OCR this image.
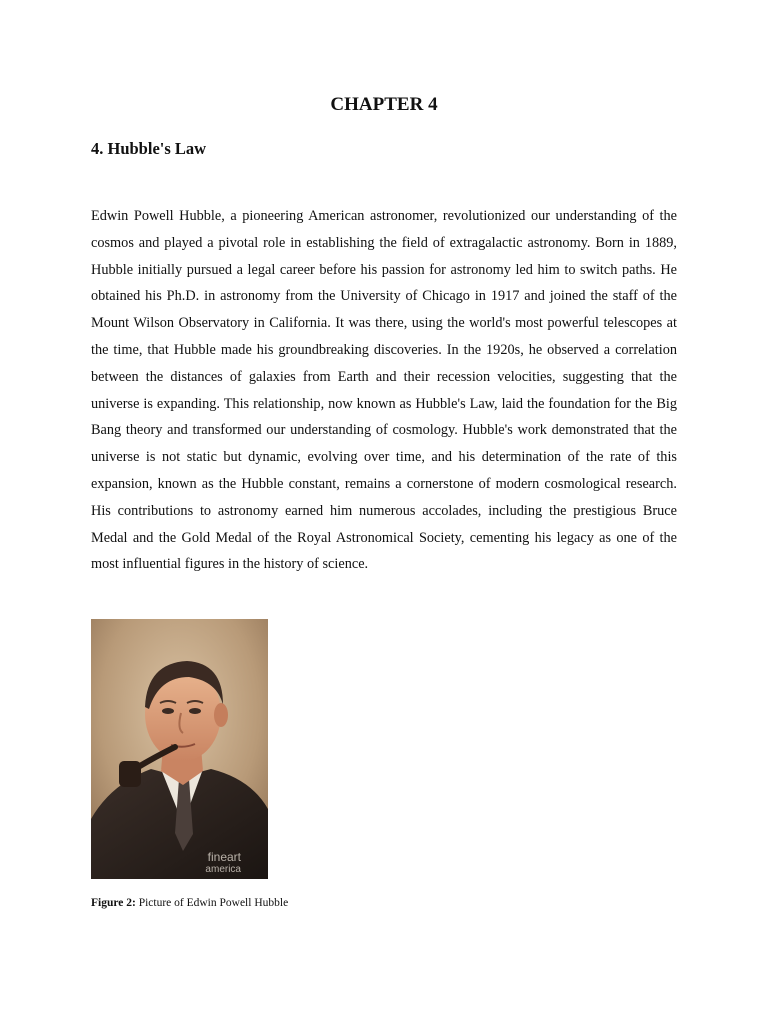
CHAPTER 4
4. Hubble's Law

Edwin Powell Hubble, a pioneering American astronomer, revolutionized our understanding of the cosmos and played a pivotal role in establishing the field of extragalactic astronomy. Born in 1889, Hubble initially pursued a legal career before his passion for astronomy led him to switch paths. He obtained his Ph.D. in astronomy from the University of Chicago in 1917 and joined the staff of the Mount Wilson Observatory in California. It was there, using the world's most powerful telescopes at the time, that Hubble made his groundbreaking discoveries. In the 1920s, he observed a correlation between the distances of galaxies from Earth and their recession velocities, suggesting that the universe is expanding. This relationship, now known as Hubble's Law, laid the foundation for the Big Bang theory and transformed our understanding of cosmology. Hubble's work demonstrated that the universe is not static but dynamic, evolving over time, and his determination of the rate of this expansion, known as the Hubble constant, remains a cornerstone of modern cosmological research. His contributions to astronomy earned him numerous accolades, including the prestigious Bruce Medal and the Gold Medal of the Royal Astronomical Society, cementing his legacy as one of the most influential figures in the history of science.

fineart
america

Figure 2: Picture of Edwin Powell Hubble
